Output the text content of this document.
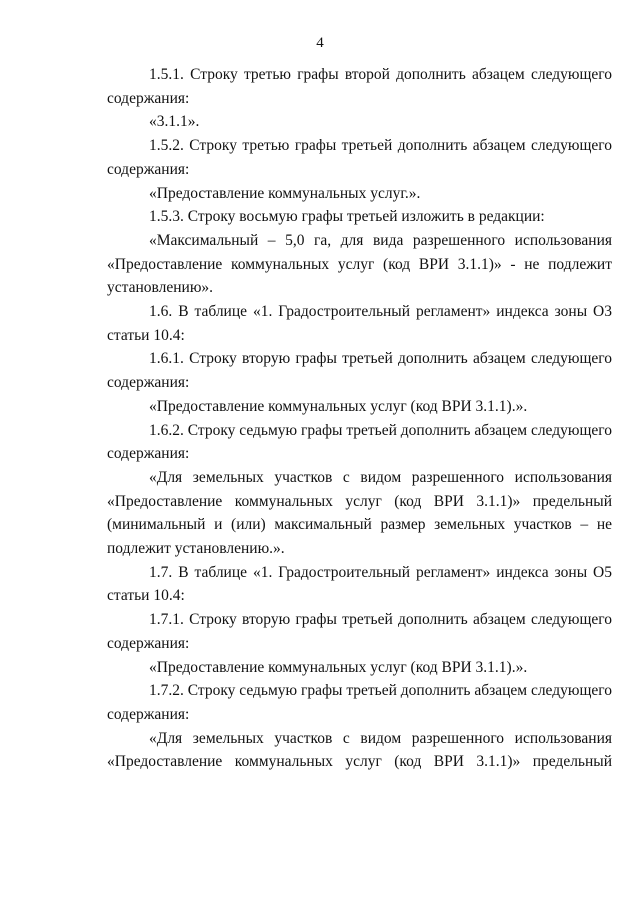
4

1.5.1. Строку третью графы второй дополнить абзацем следующего содержания:

«3.1.1».

1.5.2. Строку третью графы третьей дополнить абзацем следующего содержания:

«Предоставление коммунальных услуг.».

1.5.3. Строку восьмую графы третьей изложить в редакции:

«Максимальный – 5,0 га, для вида разрешенного использования «Предоставление коммунальных услуг (код ВРИ 3.1.1)» - не подлежит установлению».

1.6. В таблице «1. Градостроительный регламент» индекса зоны О3 статьи 10.4:

1.6.1. Строку вторую графы третьей дополнить абзацем следующего содержания:

«Предоставление коммунальных услуг (код ВРИ 3.1.1).».

1.6.2. Строку седьмую графы третьей дополнить абзацем следующего содержания:

«Для земельных участков с видом разрешенного использования «Предоставление коммунальных услуг (код ВРИ 3.1.1)» предельный (минимальный и (или) максимальный размер земельных участков – не подлежит установлению.».

1.7. В таблице «1. Градостроительный регламент» индекса зоны О5 статьи 10.4:

1.7.1. Строку вторую графы третьей дополнить абзацем следующего содержания:

«Предоставление коммунальных услуг (код ВРИ 3.1.1).».

1.7.2. Строку седьмую графы третьей дополнить абзацем следующего содержания:

«Для земельных участков с видом разрешенного использования «Предоставление коммунальных услуг (код ВРИ 3.1.1)» предельный
